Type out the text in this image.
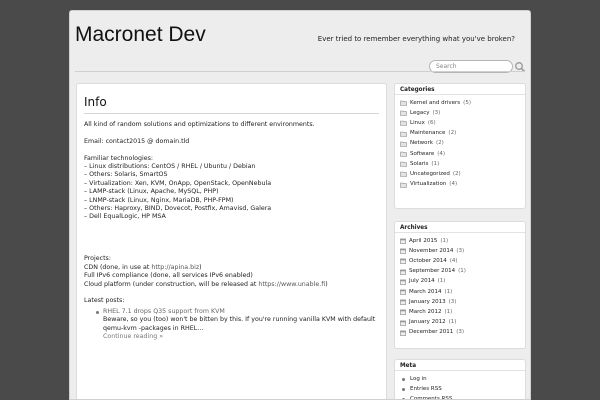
Macronet Dev	Ever tried to remember everything what you've broken?
Search
Info
All kind of random solutions and optimizations to different environments.
Email: contact2015 @ domain.tld
Familiar technologies:
– Linux distributions: CentOS / RHEL / Ubuntu / Debian
– Others: Solaris, SmartOS
– Virtualization: Xen, KVM, OnApp, OpenStack, OpenNebula
– LAMP-stack (Linux, Apache, MySQL, PHP)
– LNMP-stack (Linux, Nginx, MariaDB, PHP-FPM)
– Others: Haproxy, BIND, Dovecot, Postfix, Amavisd, Galera
– Dell EqualLogic, HP MSA
Projects:
CDN (done, in use at http://apina.biz)
Full IPv6 compliance (done, all services IPv6 enabled)
Cloud platform (under construction, will be released at https://www.unable.fi)
Latest posts:
RHEL 7.1 drops Q35 support from KVM
Beware, so you (too) won't be bitten by this. If you're running vanilla KVM with default
qemu-kvm -packages in RHEL…
Continue reading »
Categories
Kernel and drivers (5)
Legacy (3)
Linux (6)
Maintenance (2)
Network (2)
Software (4)
Solaris (1)
Uncategorized (2)
Virtualization (4)
Archives
April 2015 (1)
November 2014 (3)
October 2014 (4)
September 2014 (1)
July 2014 (1)
March 2014 (1)
January 2013 (3)
March 2012 (1)
January 2012 (1)
December 2011 (3)
Meta
Log in
Entries RSS
Comments RSS
